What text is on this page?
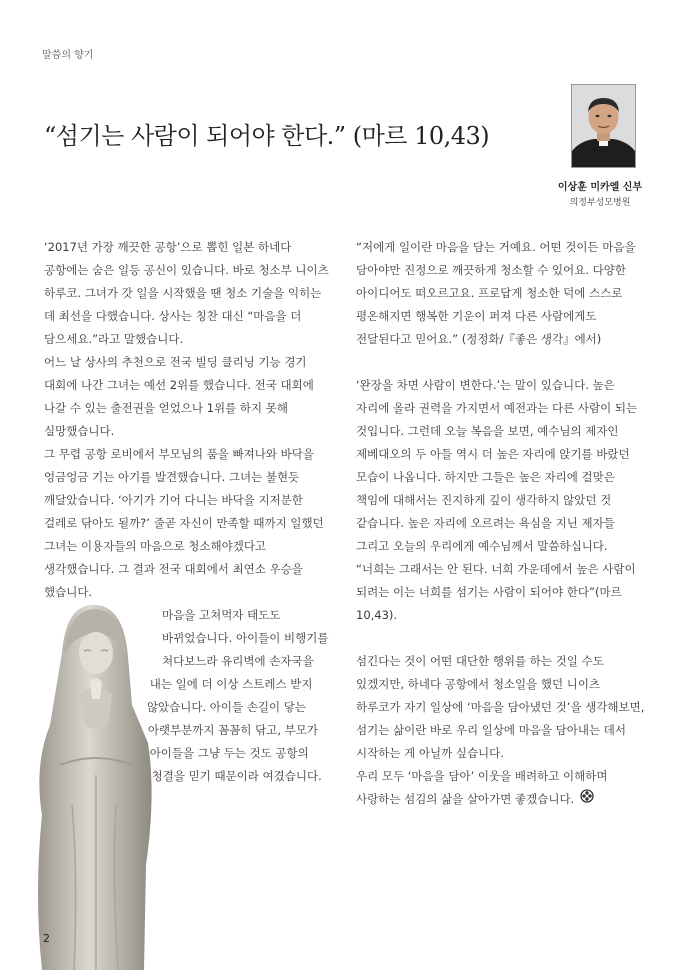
말씀의 향기
“섬기는 사람이 되어야 한다.” (마르 10,43)
이상훈 미카엘 신부
의정부성모병원

‘2017년 가장 깨끗한 공항’으로 뽑힌 일본 하네다 공항에는 숨은 일등 공신이 있습니다. 바로 청소부 니이츠 하루코. 그녀가 갓 일을 시작했을 땐 청소 기술을 익히는 데 최선을 다했습니다. 상사는 칭찬 대신 “마음을 더 담으세요.”라고 말했습니다.

어느 날 상사의 추천으로 전국 빌딩 클리닝 기능 경기 대회에 나간 그녀는 예선 2위를 했습니다. 전국 대회에 나갈 수 있는 출전권을 얻었으나 1위를 하지 못해 실망했습니다.

그 무렵 공항 로비에서 부모님의 품을 빠져나와 바닥을 엉금엉금 기는 아기를 발견했습니다. 그녀는 불현듯 깨달았습니다. ‘아기가 기어 다니는 바닥을 지저분한 걸레로 닦아도 될까?’ 줄곧 자신이 만족할 때까지 일했던 그녀는 이용자들의 마음으로 청소해야겠다고 생각했습니다. 그 결과 전국 대회에서 최연소 우승을 했습니다.

마음을 고쳐먹자 태도도 바뀌었습니다. 아이들이 비행기를 쳐다보느라 유리벽에 손자국을 내는 일에 더 이상 스트레스 받지 않았습니다. 아이들 손길이 닿는 아랫부분까지 꼼꼼히 닦고, 부모가 아이들을 그냥 두는 것도 공항의 청결을 믿기 때문이라 여겼습니다.

“저에게 일이란 마음을 담는 거예요. 어떤 것이든 마음을 담아야만 진정으로 깨끗하게 청소할 수 있어요. 다양한 아이디어도 떠오르고요. 프로답게 청소한 덕에 스스로 평온해지면 행복한 기운이 퍼져 다른 사람에게도 전달된다고 믿어요.” (정정화/『좋은 생각』에서)

‘완장을 차면 사람이 변한다.’는 말이 있습니다. 높은 자리에 올라 권력을 가지면서 예전과는 다른 사람이 되는 것입니다. 그런데 오늘 복음을 보면, 예수님의 제자인 제베대오의 두 아들 역시 더 높은 자리에 앉기를 바랐던 모습이 나옵니다. 하지만 그들은 높은 자리에 걸맞은 책임에 대해서는 진지하게 깊이 생각하지 않았던 것 같습니다. 높은 자리에 오르려는 욕심을 지닌 제자들 그리고 오늘의 우리에게 예수님께서 말씀하십니다. “너희는 그래서는 안 된다. 너희 가운데에서 높은 사람이 되려는 이는 너희를 섬기는 사람이 되어야 한다”(마르 10,43).

섬긴다는 것이 어떤 대단한 행위를 하는 것일 수도 있겠지만, 하네다 공항에서 청소일을 했던 니이츠 하루코가 자기 일상에 ‘마음을 담아냈던 것’을 생각해보면, 섬기는 삶이란 바로 우리 일상에 마음을 담아내는 데서 시작하는 게 아닐까 싶습니다.

우리 모두 ‘마음을 담아’ 이웃을 배려하고 이해하며 사랑하는 섬김의 삶을 살아가면 좋겠습니다.

2
